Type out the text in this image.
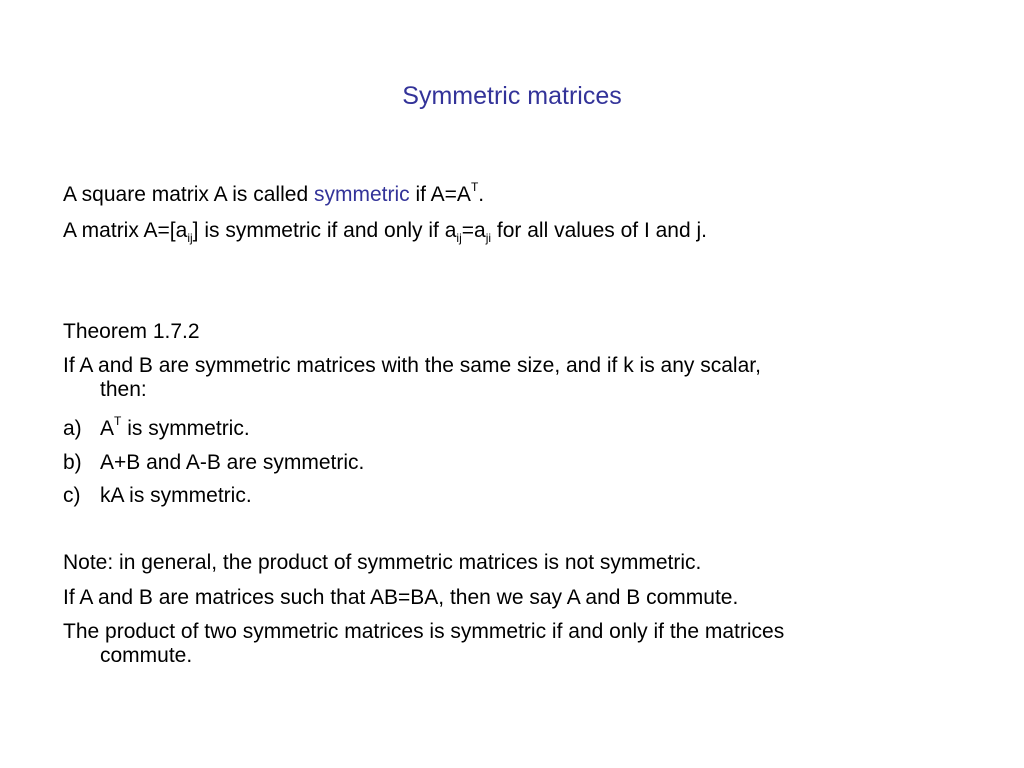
Symmetric matrices
A square matrix A is called symmetric if $A=A^T$.
A matrix $A=[a_{ij}]$ is symmetric if and only if $a_{ij}=a_{ji}$ for all values of I and j.
Theorem 1.7.2
If A and B are symmetric matrices with the same size, and if k is any scalar,
then:
a) $A^T$ is symmetric.
b) A+B and A-B are symmetric.
c) kA is symmetric.
Note: in general, the product of symmetric matrices is not symmetric.
If A and B are matrices such that AB=BA, then we say A and B commute.
The product of two symmetric matrices is symmetric if and only if the matrices
commute.
